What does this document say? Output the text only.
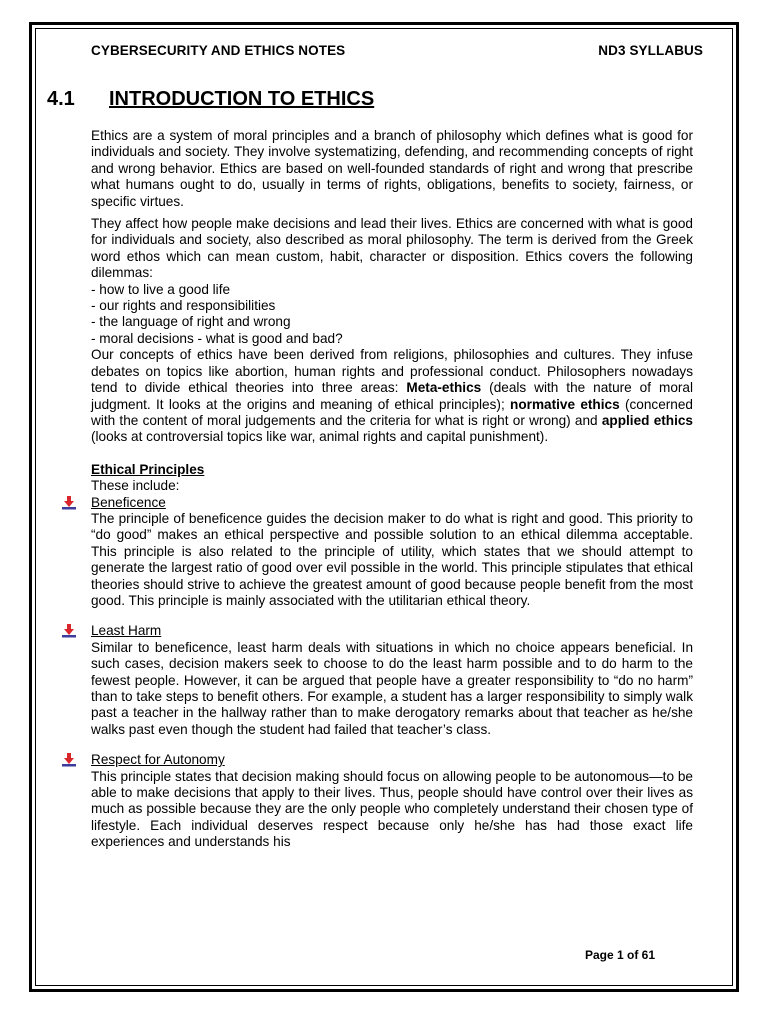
CYBERSECURITY AND ETHICS NOTES	ND3 SYLLABUS
4.1 INTRODUCTION TO ETHICS

Ethics are a system of moral principles and a branch of philosophy which defines what is good for individuals and society. They involve systematizing, defending, and recommending concepts of right and wrong behavior. Ethics are based on well-founded standards of right and wrong that prescribe what humans ought to do, usually in terms of rights, obligations, benefits to society, fairness, or specific virtues.

They affect how people make decisions and lead their lives. Ethics are concerned with what is good for individuals and society, also described as moral philosophy. The term is derived from the Greek word ethos which can mean custom, habit, character or disposition. Ethics covers the following dilemmas:

- how to live a good life
- our rights and responsibilities
- the language of right and wrong
- moral decisions - what is good and bad?

Our concepts of ethics have been derived from religions, philosophies and cultures. They infuse debates on topics like abortion, human rights and professional conduct. Philosophers nowadays tend to divide ethical theories into three areas: Meta-ethics (deals with the nature of moral judgment. It looks at the origins and meaning of ethical principles); normative ethics (concerned with the content of moral judgements and the criteria for what is right or wrong) and applied ethics (looks at controversial topics like war, animal rights and capital punishment).

Ethical Principles
These include:
Beneficence

The principle of beneficence guides the decision maker to do what is right and good. This priority to “do good” makes an ethical perspective and possible solution to an ethical dilemma acceptable. This principle is also related to the principle of utility, which states that we should attempt to generate the largest ratio of good over evil possible in the world. This principle stipulates that ethical theories should strive to achieve the greatest amount of good because people benefit from the most good. This principle is mainly associated with the utilitarian ethical theory.

Least Harm

Similar to beneficence, least harm deals with situations in which no choice appears beneficial. In such cases, decision makers seek to choose to do the least harm possible and to do harm to the fewest people. However, it can be argued that people have a greater responsibility to “do no harm” than to take steps to benefit others. For example, a student has a larger responsibility to simply walk past a teacher in the hallway rather than to make derogatory remarks about that teacher as he/she walks past even though the student had failed that teacher’s class.

Respect for Autonomy

This principle states that decision making should focus on allowing people to be autonomous—to be able to make decisions that apply to their lives. Thus, people should have control over their lives as much as possible because they are the only people who completely understand their chosen type of lifestyle. Each individual deserves respect because only he/she has had those exact life experiences and understands his

Page 1 of 61
